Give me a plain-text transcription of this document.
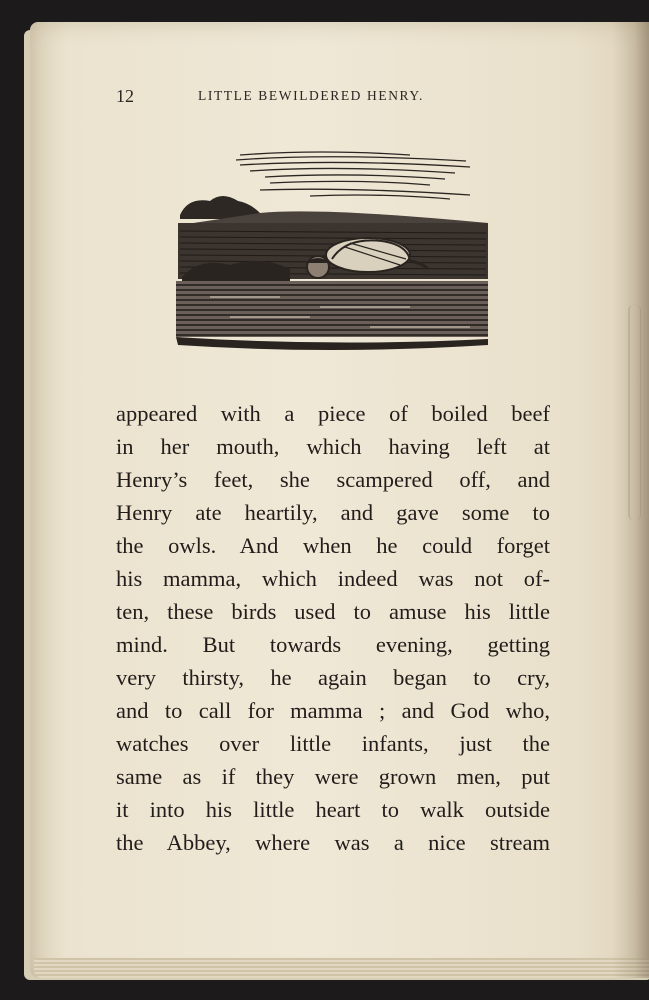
12	LITTLE BEWILDERED HENRY.
appeared with a piece of boiled beef
in her mouth, which having left at
Henry’s feet, she scampered off, and
Henry ate heartily, and gave some to
the owls. And when he could forget
his mamma, which indeed was not of-
ten, these birds used to amuse his little
mind. But towards evening, getting
very thirsty, he again began to cry,
and to call for mamma ; and God who,
watches over little infants, just the
same as if they were grown men, put
it into his little heart to walk outside
the Abbey, where was a nice stream
